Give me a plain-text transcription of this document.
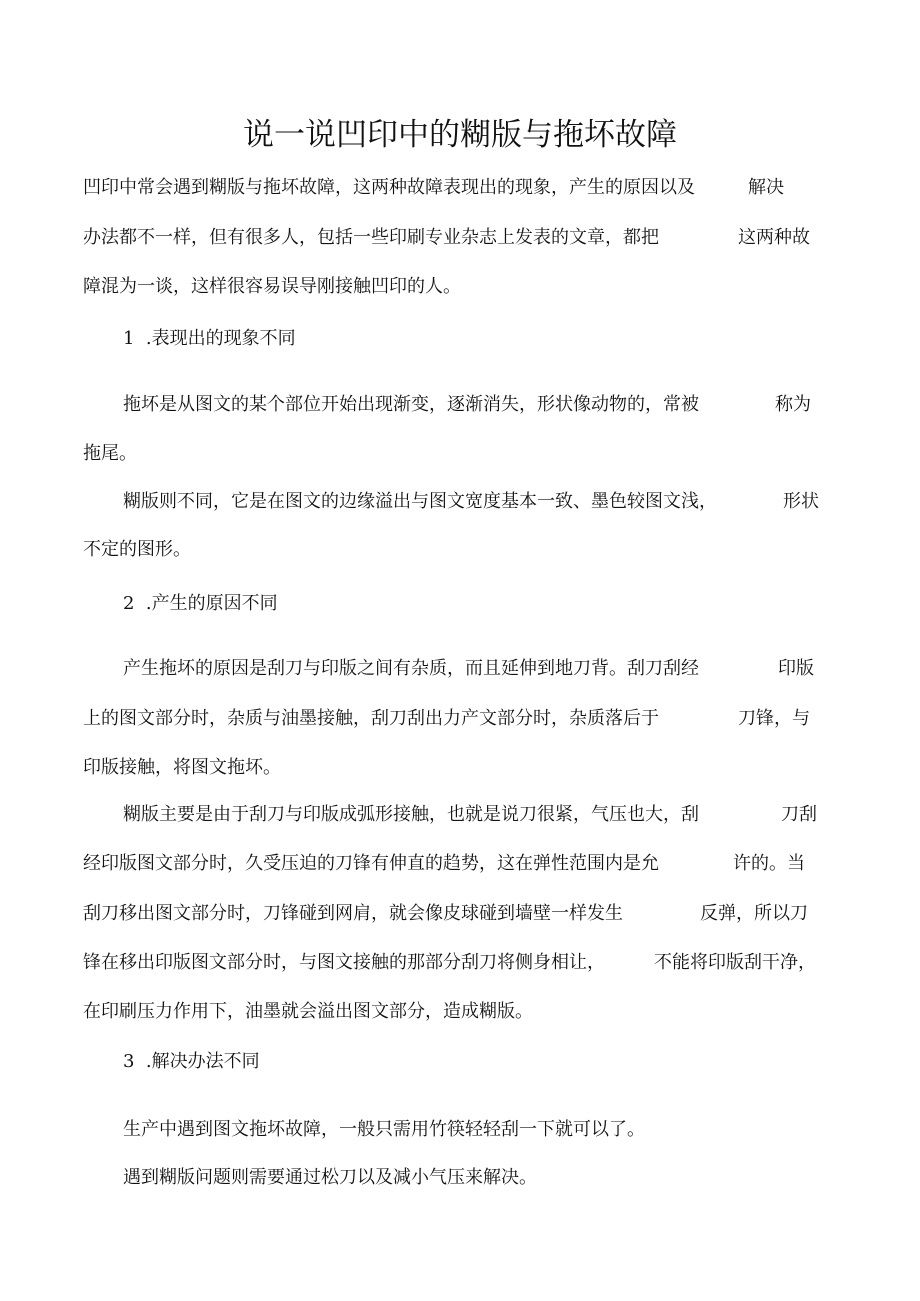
说一说凹印中的糊版与拖坏故障

凹印中常会遇到糊版与拖坏故障，这两种故障表现出的现象，产生的原因以及

	解决

办法都不一样，但有很多人，包括一些印刷专业杂志上发表的文章，都把

	这两种故

障混为一谈，这样很容易误导刚接触凹印的人。

1  .表现出的现象不同

拖坏是从图文的某个部位开始出现渐变，逐渐消失，形状像动物的，常被

	称为

拖尾。

糊版则不同，它是在图文的边缘溢出与图文宽度基本一致、墨色较图文浅，

	形状

不定的图形。

2  .产生的原因不同

产生拖坏的原因是刮刀与印版之间有杂质，而且延伸到地刀背。刮刀刮经

	印版

上的图文部分时，杂质与油墨接触，刮刀刮出力产文部分时，杂质落后于

	刀锋，与

印版接触，将图文拖坏。

糊版主要是由于刮刀与印版成弧形接触，也就是说刀很紧，气压也大，刮

	刀刮

经印版图文部分时，久受压迫的刀锋有伸直的趋势，这在弹性范围内是允

	许的。当

刮刀移出图文部分时，刀锋碰到网肩，就会像皮球碰到墙壁一样发生

	反弹，所以刀

锋在移出印版图文部分时，与图文接触的那部分刮刀将侧身相让，

	不能将印版刮干净，

在印刷压力作用下，油墨就会溢出图文部分，造成糊版。

3  .解决办法不同

生产中遇到图文拖坏故障，一般只需用竹筷轻轻刮一下就可以了。

遇到糊版问题则需要通过松刀以及减小气压来解决。
